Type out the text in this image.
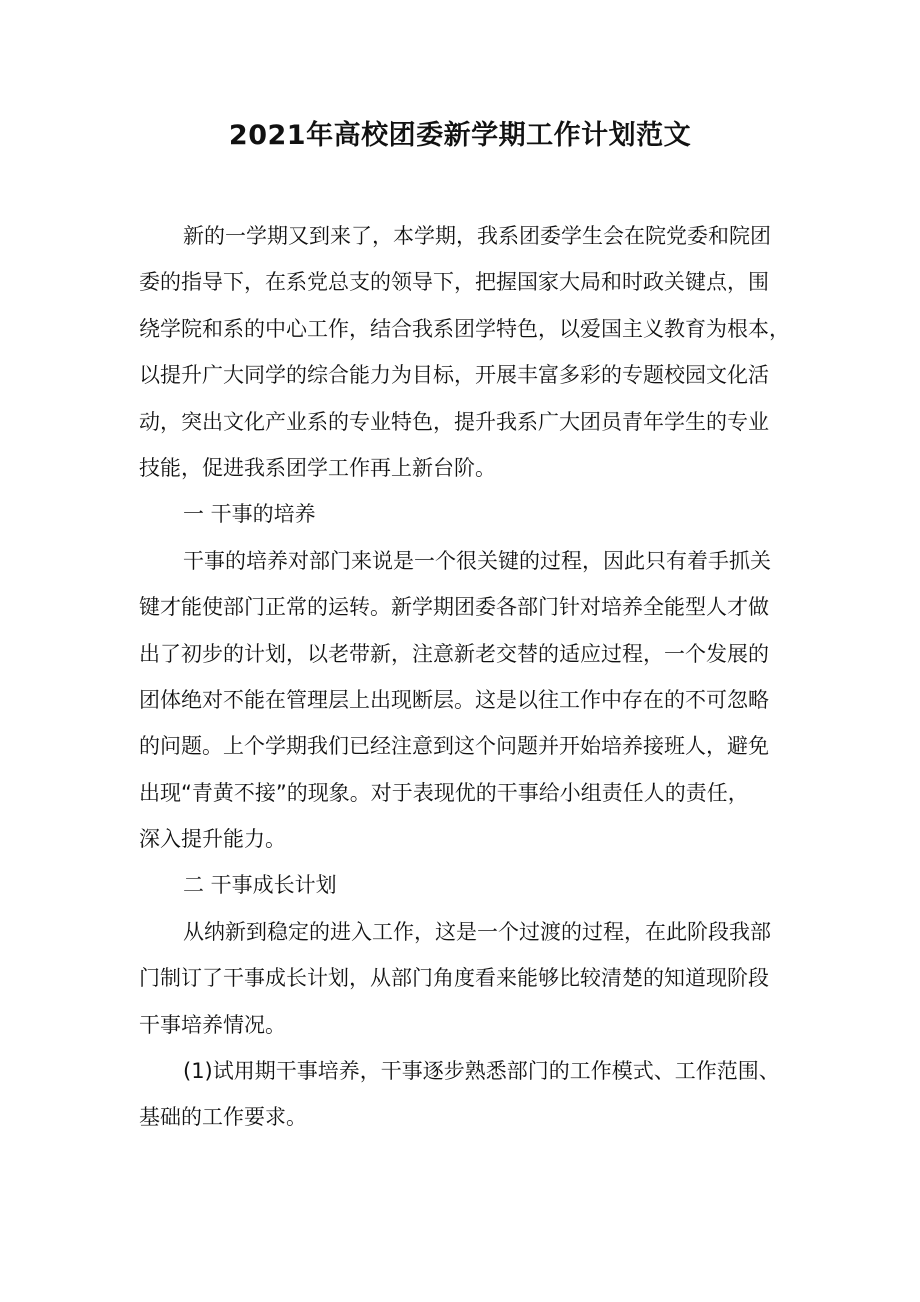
2021年高校团委新学期工作计划范文
新的一学期又到来了，本学期，我系团委学生会在院党委和院团
委的指导下，在系党总支的领导下，把握国家大局和时政关键点，围
绕学院和系的中心工作，结合我系团学特色，以爱国主义教育为根本，
以提升广大同学的综合能力为目标，开展丰富多彩的专题校园文化活
动，突出文化产业系的专业特色，提升我系广大团员青年学生的专业
技能，促进我系团学工作再上新台阶。
一 干事的培养
干事的培养对部门来说是一个很关键的过程，因此只有着手抓关
键才能使部门正常的运转。新学期团委各部门针对培养全能型人才做
出了初步的计划，以老带新，注意新老交替的适应过程，一个发展的
团体绝对不能在管理层上出现断层。这是以往工作中存在的不可忽略
的问题。上个学期我们已经注意到这个问题并开始培养接班人，避免
出现“青黄不接”的现象。对于表现优的干事给小组责任人的责任，
深入提升能力。
二 干事成长计划
从纳新到稳定的进入工作，这是一个过渡的过程，在此阶段我部
门制订了干事成长计划，从部门角度看来能够比较清楚的知道现阶段
干事培养情况。
(1)试用期干事培养，干事逐步熟悉部门的工作模式、工作范围、
基础的工作要求。
